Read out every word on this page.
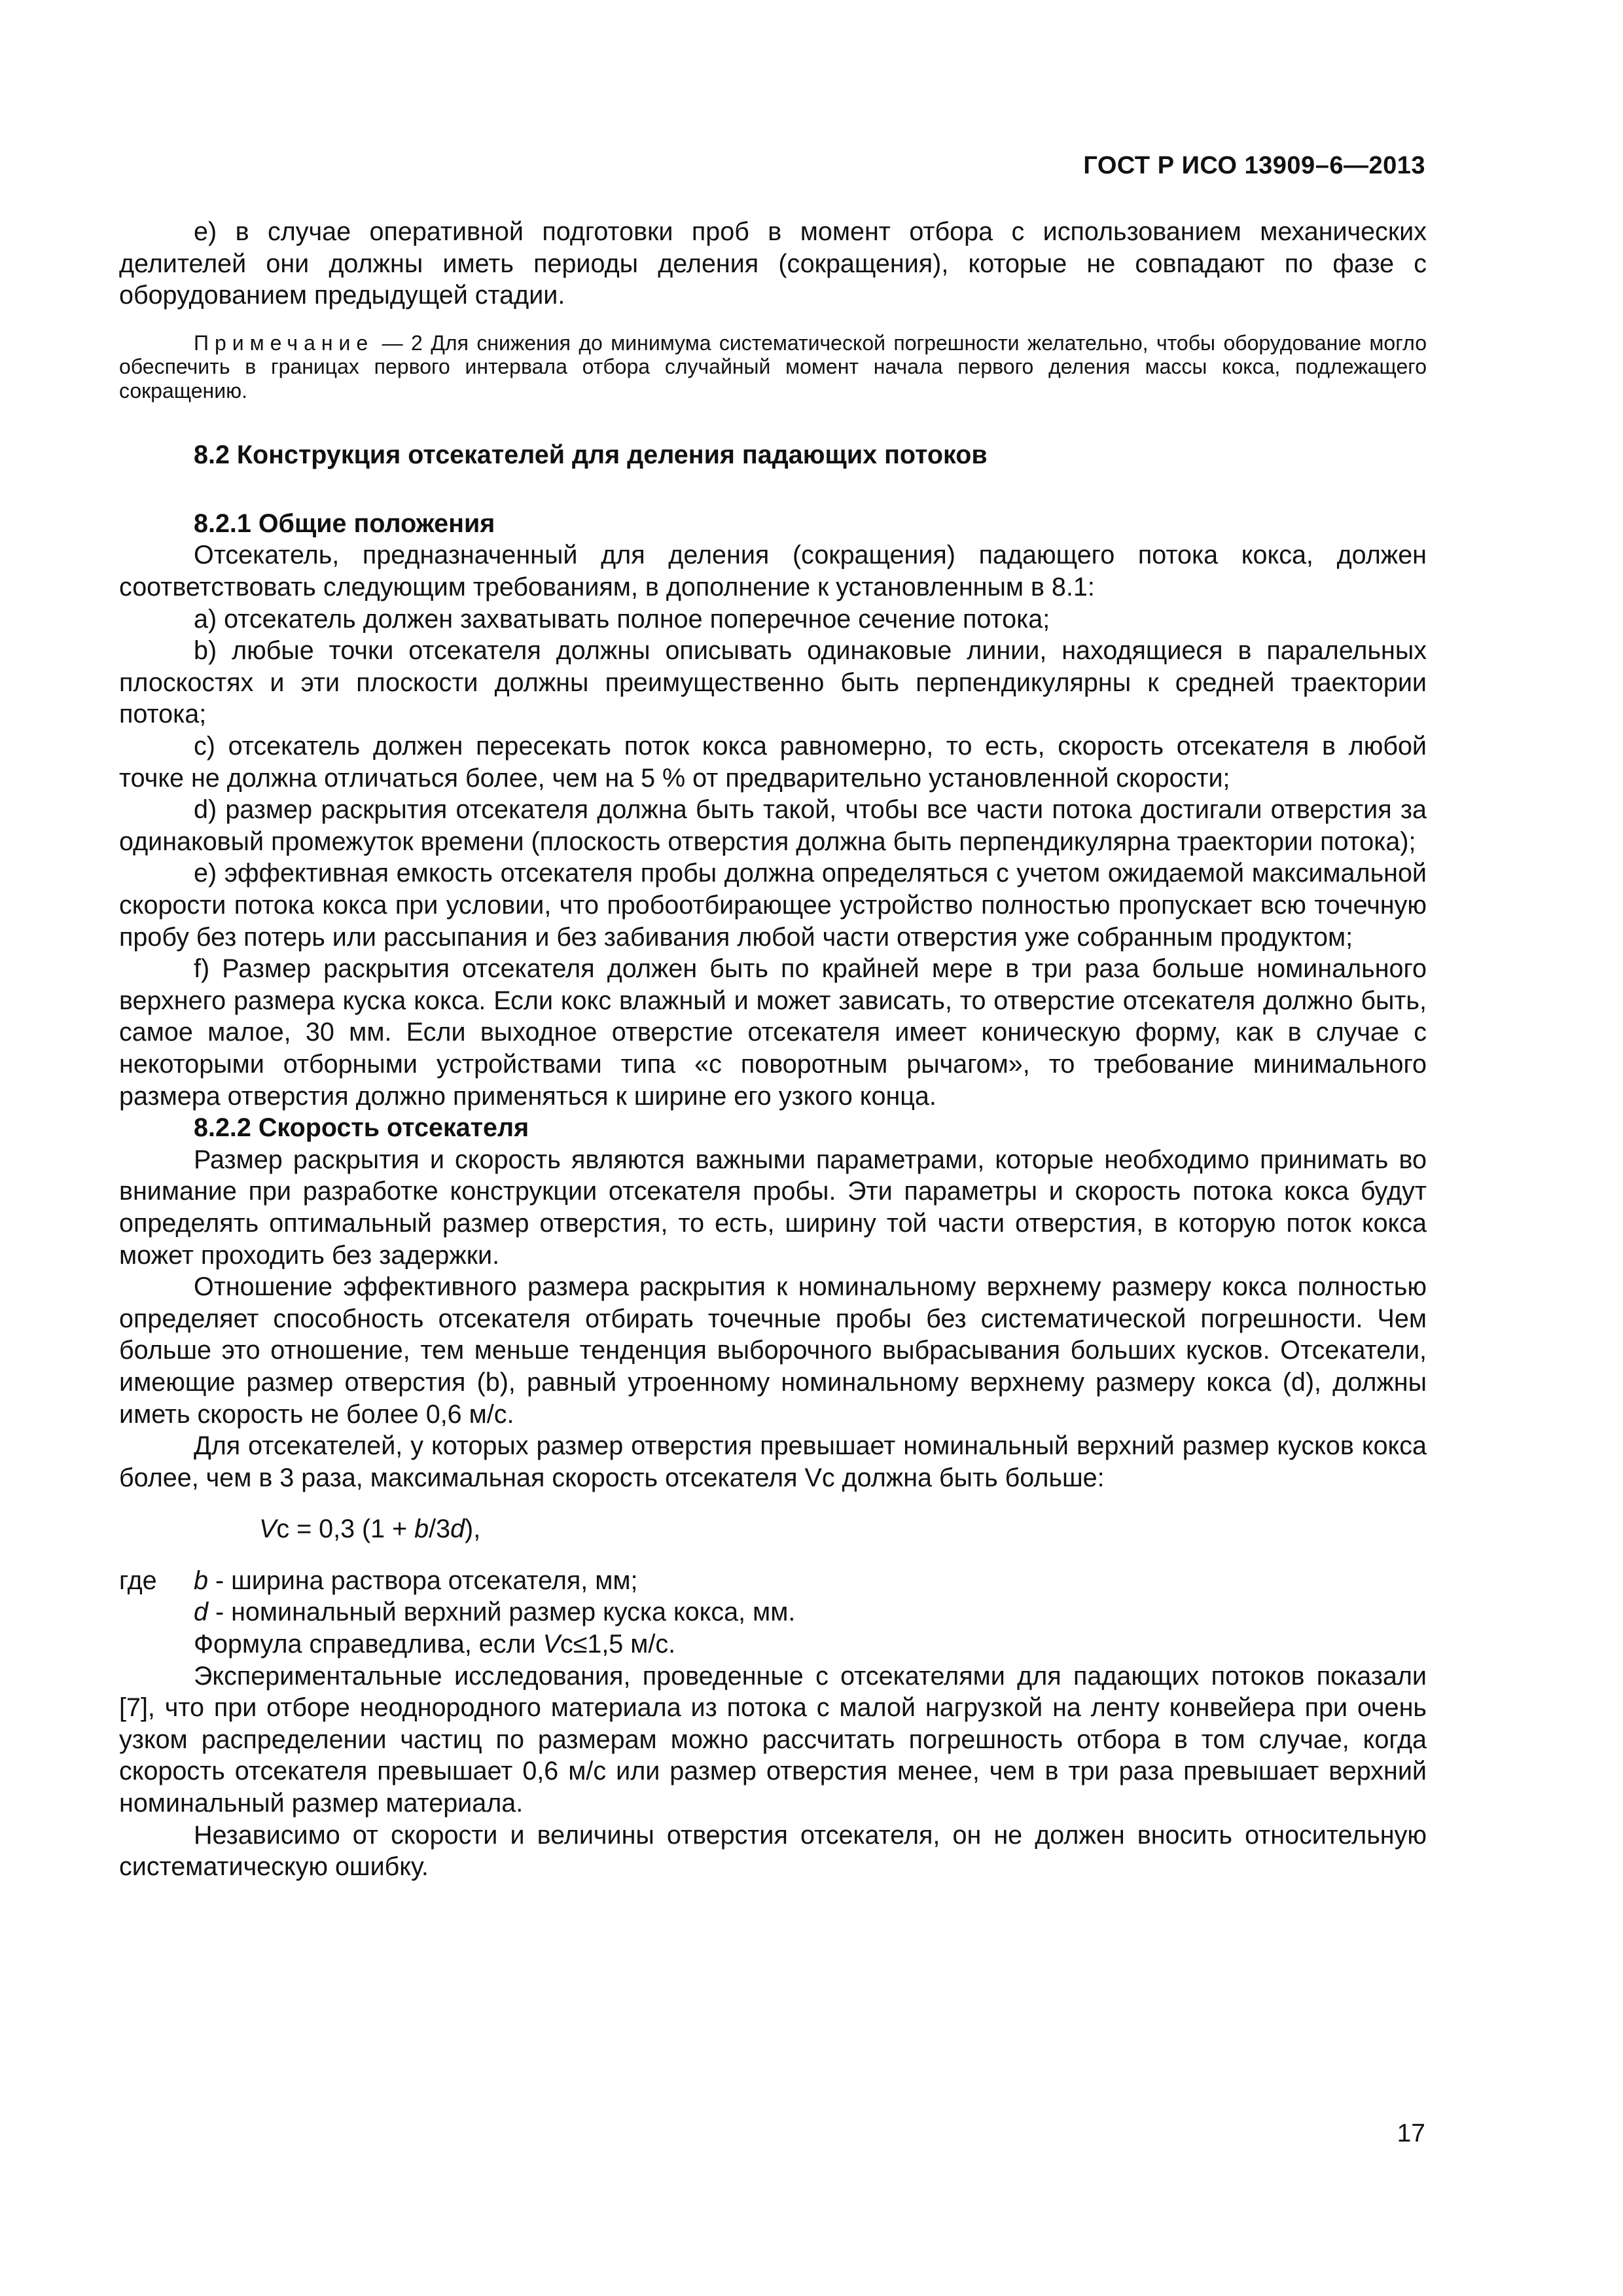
ГОСТ Р ИСО 13909–6—2013

е) в случае оперативной подготовки проб в момент отбора с использованием механических делителей они должны иметь периоды деления (сокращения), которые не совпадают по фазе с оборудованием предыдущей стадии.

Примечание — 2 Для снижения до минимума систематической погрешности желательно, чтобы оборудование могло обеспечить в границах первого интервала отбора случайный момент начала первого деления массы кокса, подлежащего сокращению.

8.2 Конструкция отсекателей для деления падающих потоков

8.2.1 Общие положения

Отсекатель, предназначенный для деления (сокращения) падающего потока кокса, должен соответствовать следующим требованиям, в дополнение к установленным в 8.1:

а) отсекатель должен захватывать полное поперечное сечение потока;

b) любые точки отсекателя должны описывать одинаковые линии, находящиеся в паралельных плоскостях и эти плоскости должны преимущественно быть перпендикулярны к средней траектории потока;

с) отсекатель должен пересекать поток кокса равномерно, то есть, скорость отсекателя в любой точке не должна отличаться более, чем на 5 % от предварительно установленной скорости;

d) размер раскрытия отсекателя должна быть такой, чтобы все части потока достигали отверстия за одинаковый промежуток времени (плоскость отверстия должна быть перпендикулярна траектории потока);

е) эффективная емкость отсекателя пробы должна определяться с учетом ожидаемой максимальной скорости потока кокса при условии, что пробоотбирающее устройство полностью пропускает всю точечную пробу без потерь или рассыпания и без забивания любой части отверстия уже собранным продуктом;

f) Размер раскрытия отсекателя должен быть по крайней мере в три раза больше номинального верхнего размера куска кокса. Если кокс влажный и может зависать, то отверстие отсекателя должно быть, самое малое, 30 мм. Если выходное отверстие отсекателя имеет коническую форму, как в случае с некоторыми отборными устройствами типа «с поворотным рычагом», то требование минимального размера отверстия должно применяться к ширине его узкого конца.

8.2.2 Скорость отсекателя

Размер раскрытия и скорость являются важными параметрами, которые необходимо принимать во внимание при разработке конструкции отсекателя пробы. Эти параметры и скорость потока кокса будут определять оптимальный размер отверстия, то есть, ширину той части отверстия, в которую поток кокса может проходить без задержки.

Отношение эффективного размера раскрытия к номинальному верхнему размеру кокса полностью определяет способность отсекателя отбирать точечные пробы без систематической погрешности. Чем больше это отношение, тем меньше тенденция выборочного выбрасывания больших кусков. Отсекатели, имеющие размер отверстия (b), равный утроенному номинальному верхнему размеру кокса (d), должны иметь скорость не более 0,6 м/с.

Для отсекателей, у которых размер отверстия превышает номинальный верхний размер кусков кокса более, чем в 3 раза, максимальная скорость отсекателя Vc должна быть больше:

Vс = 0,3 (1 + b/3d),

где	b - ширина раствора отсекателя, мм;

d - номинальный верхний размер куска кокса, мм.

Формула справедлива, если Vс≤1,5 м/с.

Экспериментальные исследования, проведенные с отсекателями для падающих потоков показали [7], что при отборе неоднородного материала из потока с малой нагрузкой на ленту конвейера при очень узком распределении частиц по размерам можно рассчитать погрешность отбора в том случае, когда скорость отсекателя превышает 0,6 м/с или размер отверстия менее, чем в три раза превышает верхний номинальный размер материала.

Независимо от скорости и величины отверстия отсекателя, он не должен вносить относительную систематическую ошибку.

17
